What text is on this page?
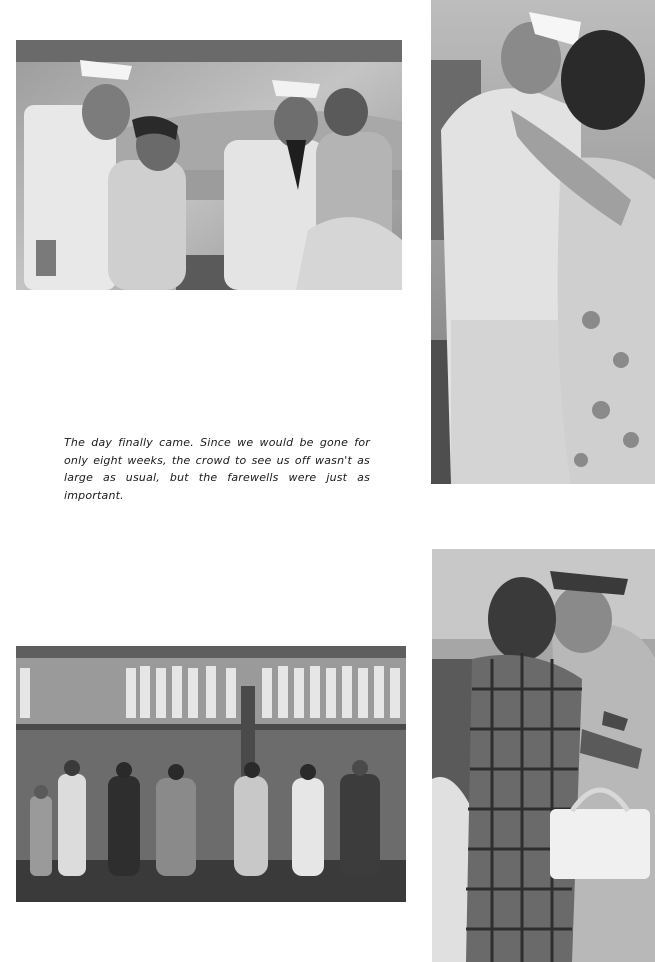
The day finally came. Since we would be gone for only eight weeks, the crowd to see us off wasn't as large as usual, but the farewells were just as important.
